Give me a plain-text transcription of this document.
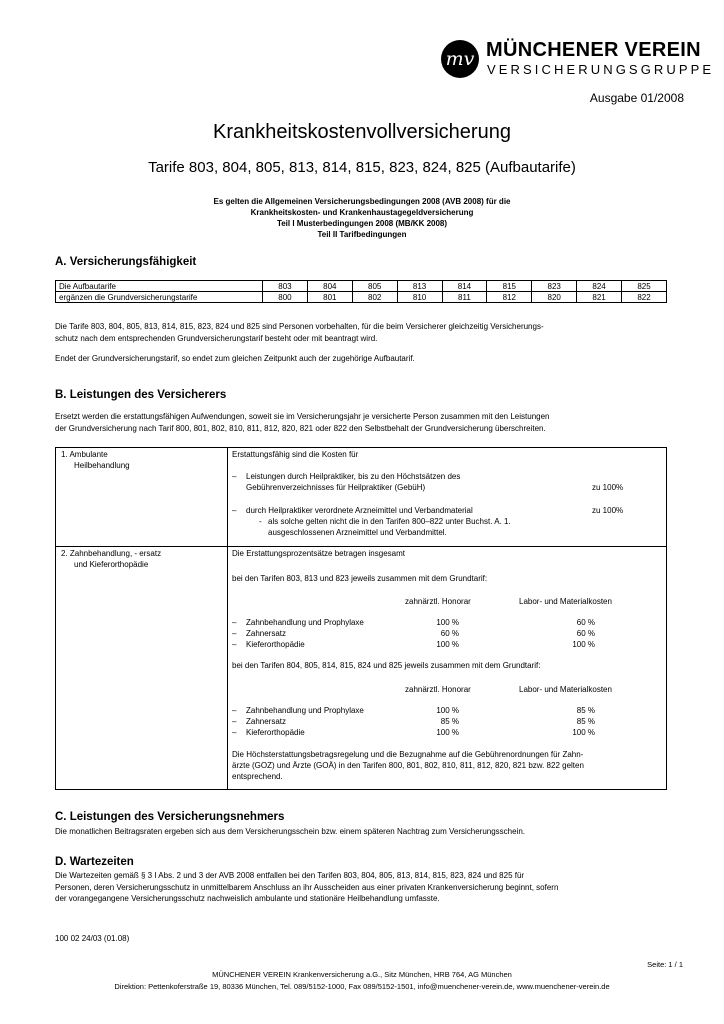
mv MÜNCHENER VEREIN
VERSICHERUNGSGRUPPE
Ausgabe 01/2008
Krankheitskostenvollversicherung
Tarife 803, 804, 805, 813, 814, 815, 823, 824, 825 (Aufbautarife)
Es gelten die Allgemeinen Versicherungsbedingungen 2008 (AVB 2008) für die
Krankheitskosten- und Krankenhaustagegeldversicherung
Teil I Musterbedingungen 2008 (MB/KK 2008)
Teil II Tarifbedingungen
A. Versicherungsfähigkeit
Die Aufbautarife	803	804	805	813	814	815	823	824	825
ergänzen die Grundversicherungstarife	800	801	802	810	811	812	820	821	822
Die Tarife 803, 804, 805, 813, 814, 815, 823, 824 und 825 sind Personen vorbehalten, für die beim Versicherer gleichzeitig Versicherungs-
schutz nach dem entsprechenden Grundversicherungstarif besteht oder mit beantragt wird.
Endet der Grundversicherungstarif, so endet zum gleichen Zeitpunkt auch der zugehörige Aufbautarif.
B. Leistungen des Versicherers
Ersetzt werden die erstattungsfähigen Aufwendungen, soweit sie im Versicherungsjahr je versicherte Person zusammen mit den Leistungen
der Grundversicherung nach Tarif 800, 801, 802, 810, 811, 812, 820, 821 oder 822 den Selbstbehalt der Grundversicherung überschreiten.
1. Ambulante
Heilbehandlung
Erstattungsfähig sind die Kosten für
– Leistungen durch Heilpraktiker, bis zu den Höchstsätzen des
Gebührenverzeichnisses für Heilpraktiker (GebüH)	zu 100%
– durch Heilpraktiker verordnete Arzneimittel und Verbandmaterial	zu 100%
- als solche gelten nicht die in den Tarifen 800–822 unter Buchst. A. 1.
ausgeschlossenen Arzneimittel und Verbandmittel.
2. Zahnbehandlung, - ersatz
und Kieferorthopädie
Die Erstattungsprozentsätze betragen insgesamt
bei den Tarifen 803, 813 und 823 jeweils zusammen mit dem Grundtarif:
zahnärztl. Honorar	Labor- und Materialkosten
– Zahnbehandlung und Prophylaxe	100 %	60 %
– Zahnersatz	60 %	60 %
– Kieferorthopädie	100 %	100 %
bei den Tarifen 804, 805, 814, 815, 824 und 825 jeweils zusammen mit dem Grundtarif:
zahnärztl. Honorar	Labor- und Materialkosten
– Zahnbehandlung und Prophylaxe	100 %	85 %
– Zahnersatz	85 %	85 %
– Kieferorthopädie	100 %	100 %
Die Höchsterstattungsbetragsregelung und die Bezugnahme auf die Gebührenordnungen für Zahn-
ärzte (GOZ) und Ärzte (GOÄ) in den Tarifen 800, 801, 802, 810, 811, 812, 820, 821 bzw. 822 gelten
entsprechend.
C. Leistungen des Versicherungsnehmers
Die monatlichen Beitragsraten ergeben sich aus dem Versicherungsschein bzw. einem späteren Nachtrag zum Versicherungsschein.
D. Wartezeiten
Die Wartezeiten gemäß § 3 I Abs. 2 und 3 der AVB 2008 entfallen bei den Tarifen 803, 804, 805, 813, 814, 815, 823, 824 und 825 für
Personen, deren Versicherungsschutz in unmittelbarem Anschluss an ihr Ausscheiden aus einer privaten Krankenversicherung beginnt, sofern
der vorangegangene Versicherungsschutz nachweislich ambulante und stationäre Heilbehandlung umfasste.
100 02 24/03 (01.08)
Seite: 1 / 1
MÜNCHENER VEREIN Krankenversicherung a.G., Sitz München, HRB 764, AG München
Direktion: Pettenkoferstraße 19, 80336 München, Tel. 089/5152-1000, Fax 089/5152-1501, info@muenchener-verein.de, www.muenchener-verein.de
